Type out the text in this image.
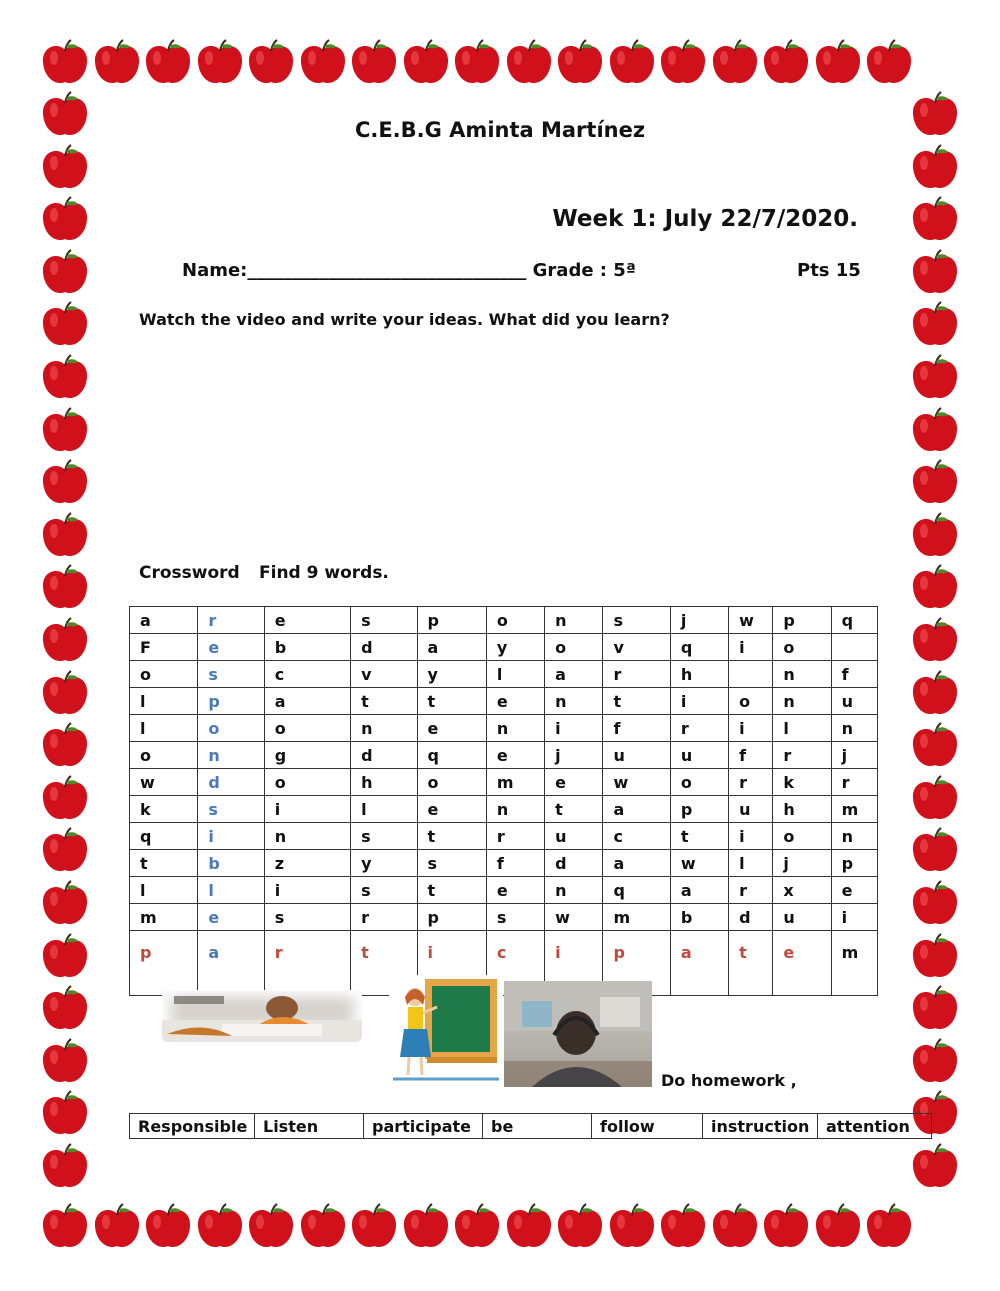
C.E.B.G Aminta Martínez
Week 1: July 22/7/2020.
Name:_______________________________ Grade : 5ª	Pts 15
Watch the video and write your ideas. What did you learn?
Crossword Find 9 words.
a	r	e	s	p	o	n	s	j	w	p	q
F	e	b	d	a	y	o	v	q	i	o	
o	s	c	v	y	l	a	r	h		n	f
l	p	a	t	t	e	n	t	i	o	n	u
l	o	o	n	e	n	i	f	r	i	l	n
o	n	g	d	q	e	j	u	u	f	r	j
w	d	o	h	o	m	e	w	o	r	k	r
k	s	i	l	e	n	t	a	p	u	h	m
q	i	n	s	t	r	u	c	t	i	o	n
t	b	z	y	s	f	d	a	w	l	j	p
l	l	i	s	t	e	n	q	a	r	x	e
m	e	s	r	p	s	w	m	b	d	u	i
p	a	r	t	i	c	i	p	a	t	e	m
Do homework ,
Responsible	Listen	participate	be	follow	instruction	attention
